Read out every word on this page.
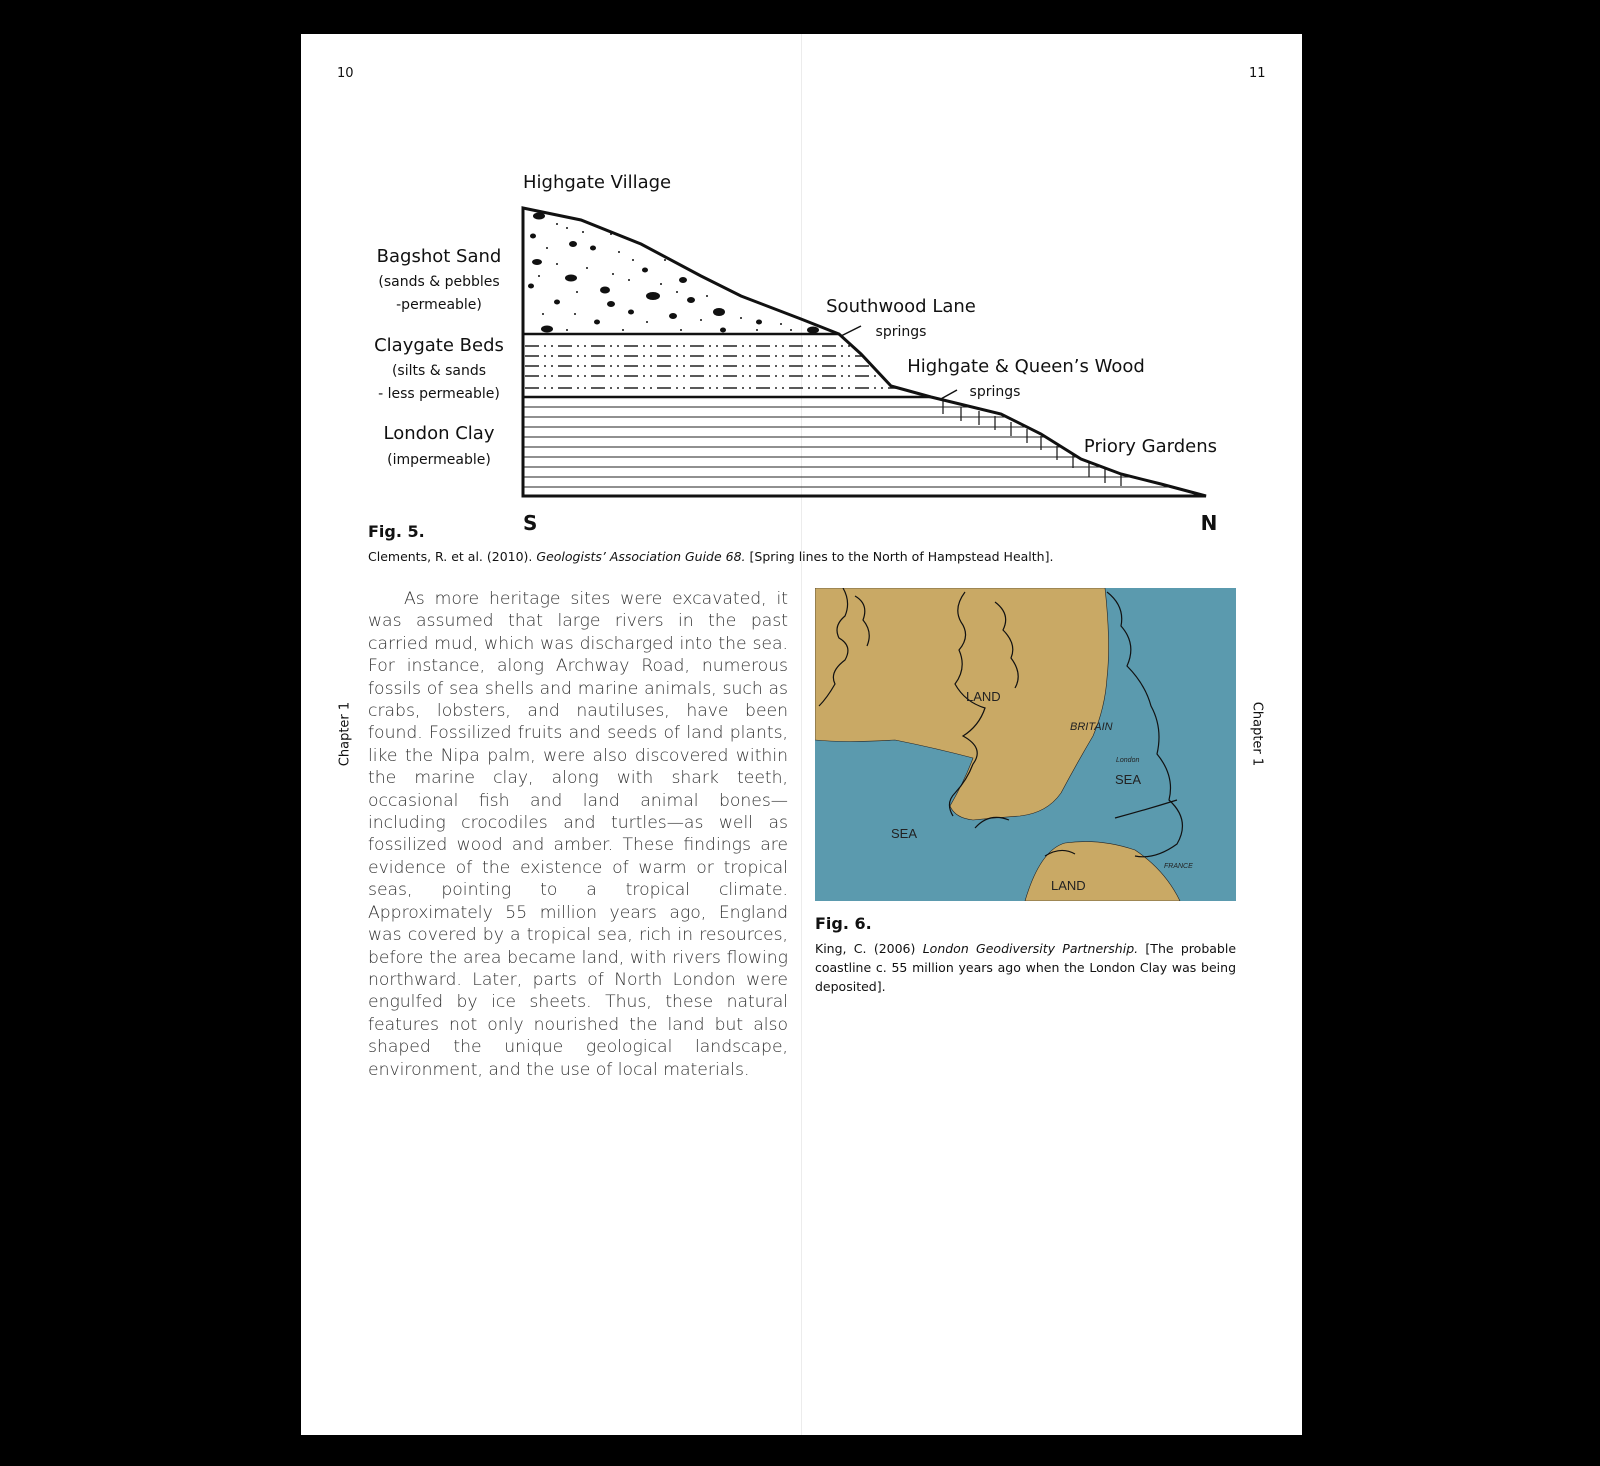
10	11
Chapter 1	Chapter 1
Highgate Village
Bagshot Sand
(sands & pebbles
-permeable)
Claygate Beds
(silts & sands
- less permeable)
London Clay
(impermeable)
Southwood Lane
springs
Highgate & Queen’s Wood
springs
Priory Gardens
S	N
Fig. 5.
Clements, R. et al. (2010). Geologists’ Association Guide 68. [Spring lines to the North of Hampstead Health].

As more heritage sites were excavated, it was assumed that large rivers in the past carried mud, which was discharged into the sea. For instance, along Archway Road, numerous fossils of sea shells and marine animals, such as crabs, lobsters, and nautiluses, have been found. Fossilized fruits and seeds of land plants, like the Nipa palm, were also discovered within the marine clay, along with shark teeth, occasional fish and land animal bones—including crocodiles and turtles—as well as fossilized wood and amber. These findings are evidence of the existence of warm or tropical seas, pointing to a tropical climate. Approximately 55 million years ago, England was covered by a tropical sea, rich in resources, before the area became land, with rivers flowing northward. Later, parts of North London were engulfed by ice sheets. Thus, these natural features not only nourished the land but also shaped the unique geological landscape, environment, and the use of local materials.

LAND
BRITAIN
London
SEA
SEA
FRANCE
LAND
Fig. 6.
King, C. (2006) London Geodiversity Partnership. [The probable coastline c. 55 million years ago when the London Clay was being deposited].
